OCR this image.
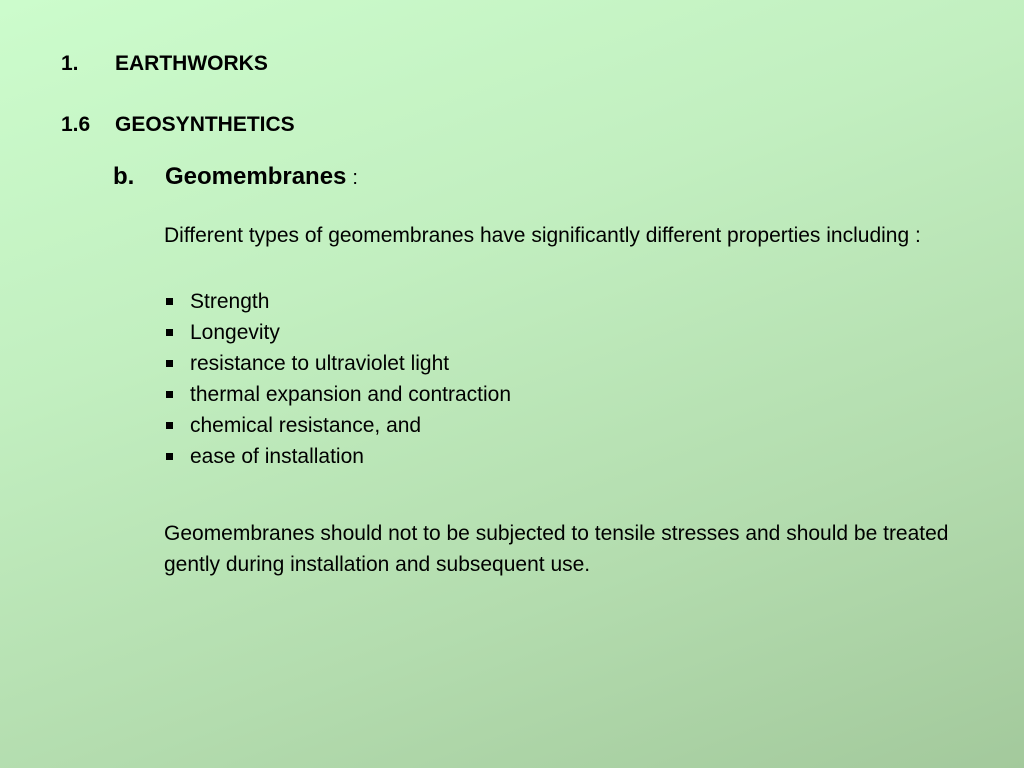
1. EARTHWORKS
1.6 GEOSYNTHETICS
b. Geomembranes :
Different types of geomembranes have significantly different properties including :
Strength
Longevity
resistance to ultraviolet light
thermal expansion and contraction
chemical resistance, and
ease of installation
Geomembranes should not to be subjected to tensile stresses and should be treated gently during installation and subsequent use.
